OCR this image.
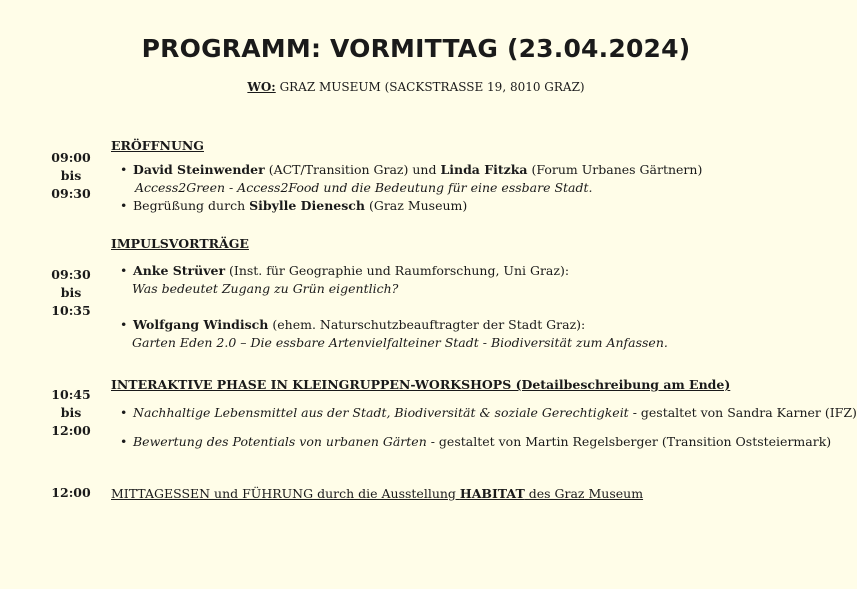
PROGRAMM: VORMITTAG (23.04.2024)
WO: GRAZ MUSEUM (SACKSTRASSE 19, 8010 GRAZ)
09:00
bis
09:30
ERÖFFNUNG
• David Steinwender (ACT/Transition Graz) und Linda Fitzka (Forum Urbanes Gärtnern)
Access2Green - Access2Food und die Bedeutung für eine essbare Stadt.
• Begrüßung durch Sibylle Dienesch (Graz Museum)
09:30
bis
10:35
IMPULSVORTRÄGE
• Anke Strüver (Inst. für Geographie und Raumforschung, Uni Graz):
Was bedeutet Zugang zu Grün eigentlich?
• Wolfgang Windisch (ehem. Naturschutzbeauftragter der Stadt Graz):
Garten Eden 2.0 – Die essbare Artenvielfalteiner Stadt - Biodiversität zum Anfassen.
10:45
bis
12:00
INTERAKTIVE PHASE IN KLEINGRUPPEN-WORKSHOPS (Detailbeschreibung am Ende)
• Nachhaltige Lebensmittel aus der Stadt, Biodiversität & soziale Gerechtigkeit - gestaltet von Sandra Karner (IFZ)
• Bewertung des Potentials von urbanen Gärten - gestaltet von Martin Regelsberger (Transition Oststeiermark)
12:00	MITTAGESSEN und FÜHRUNG durch die Ausstellung HABITAT des Graz Museum
